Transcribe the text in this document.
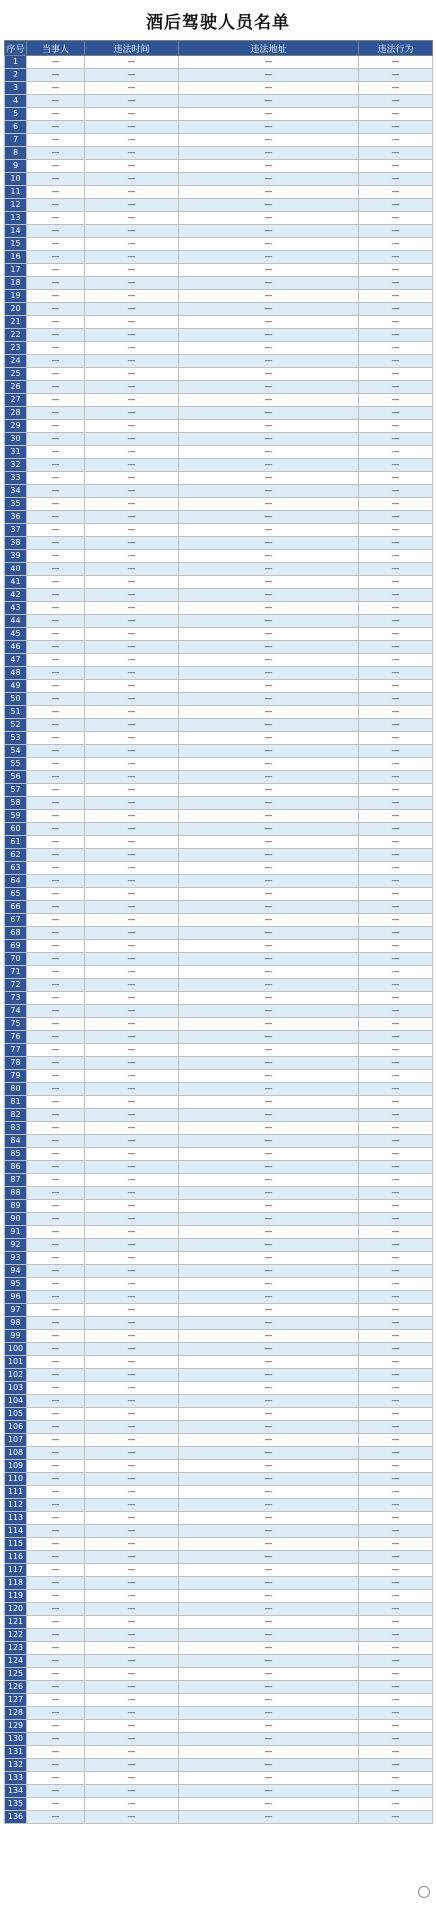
酒后驾驶人员名单
序号	当事人	违法时间	违法地址	违法行为
1	—	—	—	—
2	—	—	—	—
3	—	—	—	—
4	—	—	—	—
5	—	—	—	—
6	—	—	—	—
7	—	—	—	—
8	—	—	—	—
9	—	—	—	—
10	—	—	—	—
11	—	—	—	—
12	—	—	—	—
13	—	—	—	—
14	—	—	—	—
15	—	—	—	—
16	—	—	—	—
17	—	—	—	—
18	—	—	—	—
19	—	—	—	—
20	—	—	—	—
21	—	—	—	—
22	—	—	—	—
23	—	—	—	—
24	—	—	—	—
25	—	—	—	—
26	—	—	—	—
27	—	—	—	—
28	—	—	—	—
29	—	—	—	—
30	—	—	—	—
31	—	—	—	—
32	—	—	—	—
33	—	—	—	—
34	—	—	—	—
35	—	—	—	—
36	—	—	—	—
37	—	—	—	—
38	—	—	—	—
39	—	—	—	—
40	—	—	—	—
41	—	—	—	—
42	—	—	—	—
43	—	—	—	—
44	—	—	—	—
45	—	—	—	—
46	—	—	—	—
47	—	—	—	—
48	—	—	—	—
49	—	—	—	—
50	—	—	—	—
51	—	—	—	—
52	—	—	—	—
53	—	—	—	—
54	—	—	—	—
55	—	—	—	—
56	—	—	—	—
57	—	—	—	—
58	—	—	—	—
59	—	—	—	—
60	—	—	—	—
61	—	—	—	—
62	—	—	—	—
63	—	—	—	—
64	—	—	—	—
65	—	—	—	—
66	—	—	—	—
67	—	—	—	—
68	—	—	—	—
69	—	—	—	—
70	—	—	—	—
71	—	—	—	—
72	—	—	—	—
73	—	—	—	—
74	—	—	—	—
75	—	—	—	—
76	—	—	—	—
77	—	—	—	—
78	—	—	—	—
79	—	—	—	—
80	—	—	—	—
81	—	—	—	—
82	—	—	—	—
83	—	—	—	—
84	—	—	—	—
85	—	—	—	—
86	—	—	—	—
87	—	—	—	—
88	—	—	—	—
89	—	—	—	—
90	—	—	—	—
91	—	—	—	—
92	—	—	—	—
93	—	—	—	—
94	—	—	—	—
95	—	—	—	—
96	—	—	—	—
97	—	—	—	—
98	—	—	—	—
99	—	—	—	—
100	—	—	—	—
101	—	—	—	—
102	—	—	—	—
103	—	—	—	—
104	—	—	—	—
105	—	—	—	—
106	—	—	—	—
107	—	—	—	—
108	—	—	—	—
109	—	—	—	—
110	—	—	—	—
111	—	—	—	—
112	—	—	—	—
113	—	—	—	—
114	—	—	—	—
115	—	—	—	—
116	—	—	—	—
117	—	—	—	—
118	—	—	—	—
119	—	—	—	—
120	—	—	—	—
121	—	—	—	—
122	—	—	—	—
123	—	—	—	—
124	—	—	—	—
125	—	—	—	—
126	—	—	—	—
127	—	—	—	—
128	—	—	—	—
129	—	—	—	—
130	—	—	—	—
131	—	—	—	—
132	—	—	—	—
133	—	—	—	—
134	—	—	—	—
135	—	—	—	—
136	—	—	—	—
